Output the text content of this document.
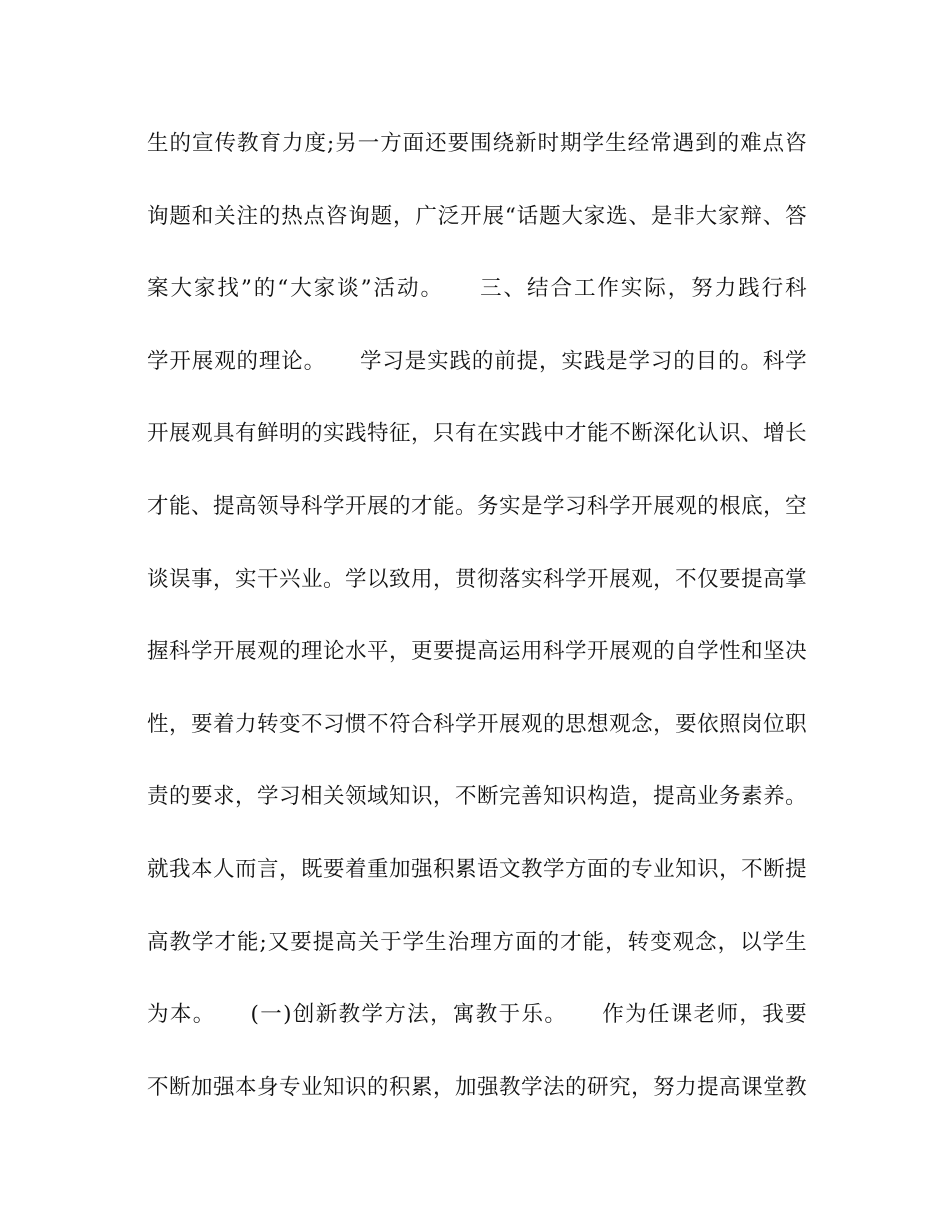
生的宣传教育力度;另一方面还要围绕新时期学生经常遇到的难点咨
询题和关注的热点咨询题，广泛开展“话题大家选、是非大家辩、答
案大家找”的“大家谈”活动。　　三、结合工作实际，努力践行科
学开展观的理论。　　学习是实践的前提，实践是学习的目的。科学
开展观具有鲜明的实践特征，只有在实践中才能不断深化认识、增长
才能、提高领导科学开展的才能。务实是学习科学开展观的根底，空
谈误事，实干兴业。学以致用，贯彻落实科学开展观，不仅要提高掌
握科学开展观的理论水平，更要提高运用科学开展观的自学性和坚决
性，要着力转变不习惯不符合科学开展观的思想观念，要依照岗位职
责的要求，学习相关领域知识，不断完善知识构造，提高业务素养。
就我本人而言，既要着重加强积累语文教学方面的专业知识，不断提
高教学才能;又要提高关于学生治理方面的才能，转变观念，以学生
为本。　　(一)创新教学方法，寓教于乐。　　作为任课老师，我要
不断加强本身专业知识的积累，加强教学法的研究，努力提高课堂教
